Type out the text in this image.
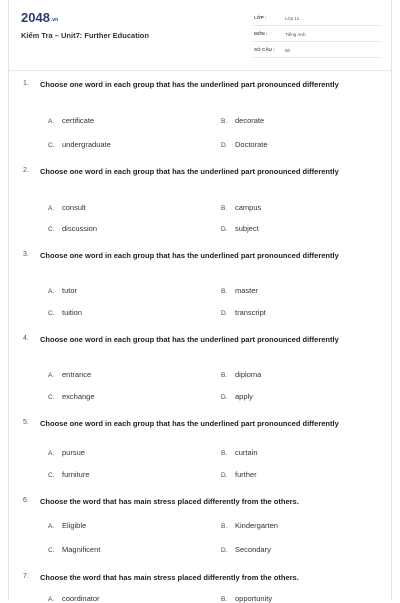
2048.vn
Kiểm Tra – Unit7: Further Education
LỚP :	Lớp 11
MÔN :	Tiếng Anh
SỐ CÂU : 50
1. Choose one word in each group that has the underlined part pronounced differently
A. certificate	B. decorate
C. undergraduate	D. Doctorate
2. Choose one word in each group that has the underlined part pronounced differently
A. consult	B. campus
C. discussion	D. subject
3. Choose one word in each group that has the underlined part pronounced differently
A. tutor	B. master
C. tuition	D. transcript
4. Choose one word in each group that has the underlined part pronounced differently
A. entrance	B. diploma
C. exchange	D. apply
5. Choose one word in each group that has the underlined part pronounced differently
A. pursue	B. curtain
C. furniture	D. further
6. Choose the word that has main stress placed differently from the others.
A. Eligible	B. Kindergarten
C. Magnificent	D. Secondary
7. Choose the word that has main stress placed differently from the others.
A. coordinator	B. opportunity
